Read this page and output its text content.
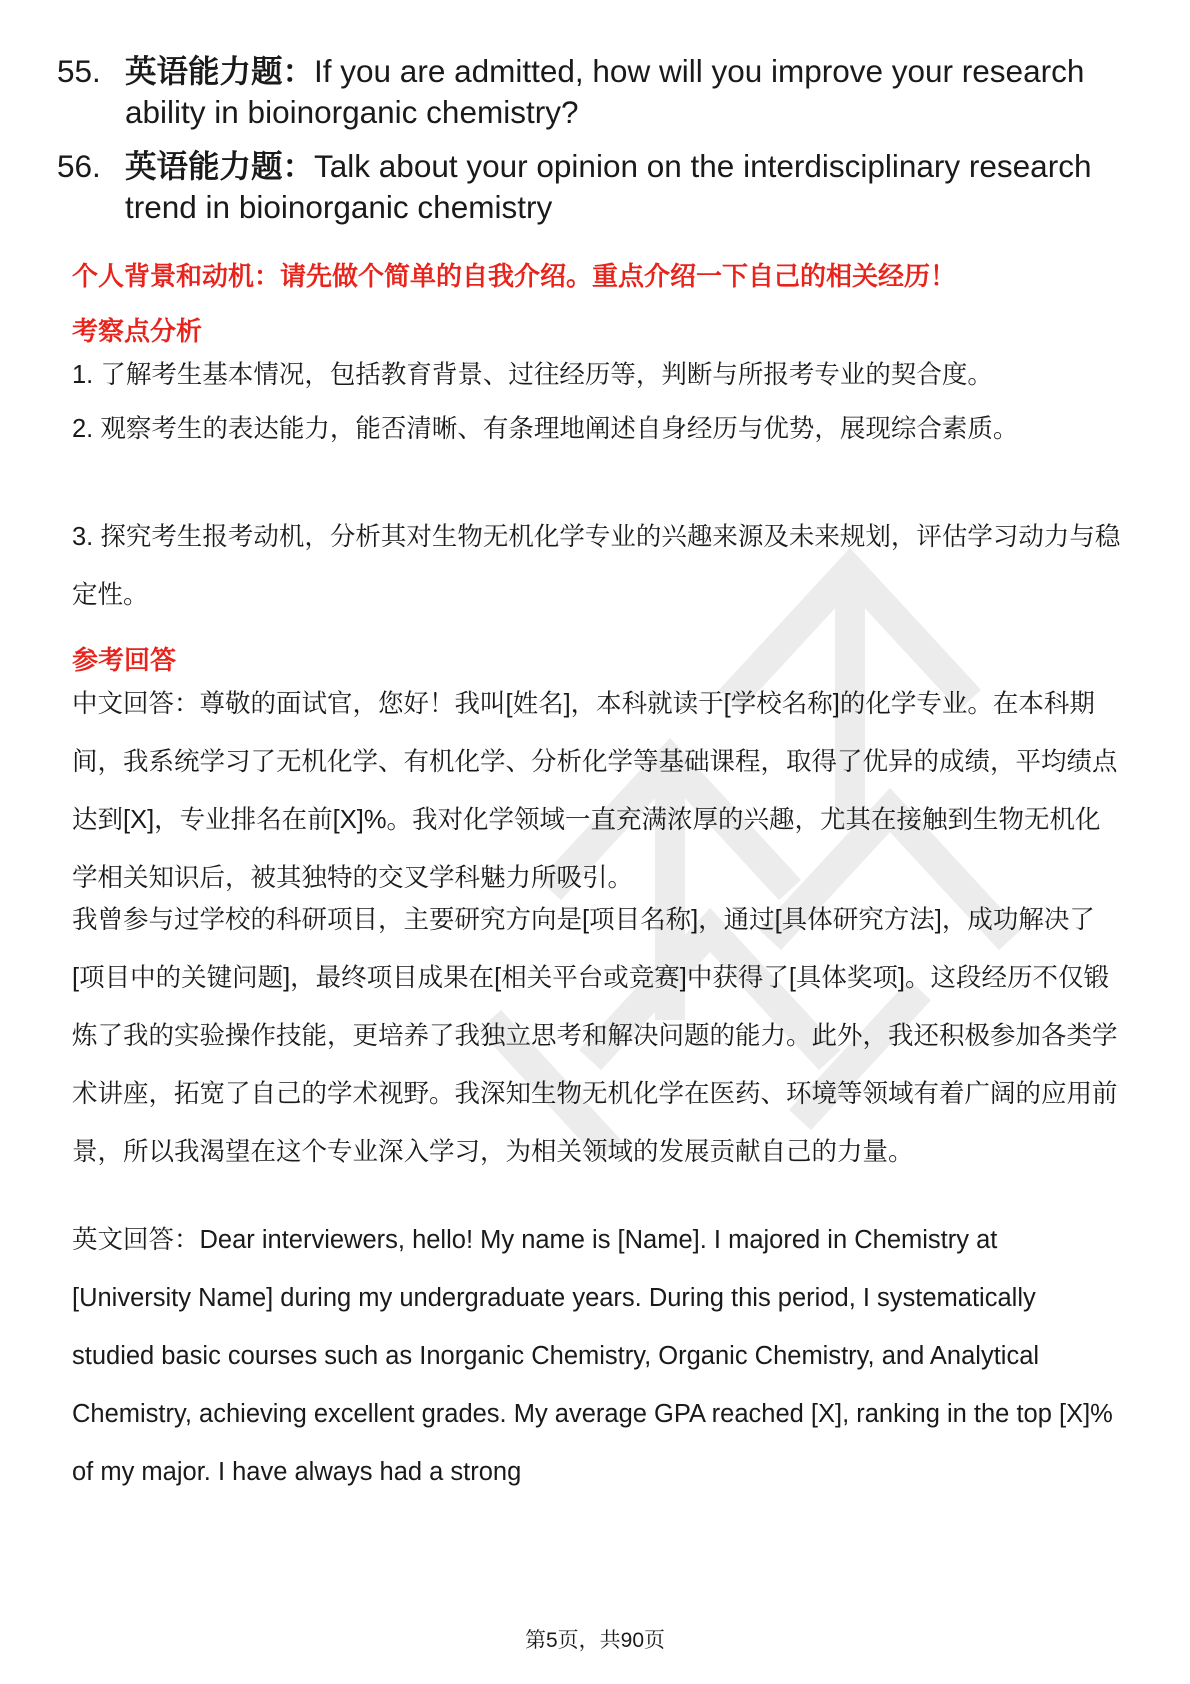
55. 英语能力题：If you are admitted, how will you improve your research ability in bioinorganic chemistry?
56. 英语能力题：Talk about your opinion on the interdisciplinary research trend in bioinorganic chemistry
个人背景和动机：请先做个简单的自我介绍。重点介绍一下自己的相关经历！
考察点分析
1. 了解考生基本情况，包括教育背景、过往经历等，判断与所报考专业的契合度。
2. 观察考生的表达能力，能否清晰、有条理地阐述自身经历与优势，展现综合素质。
3. 探究考生报考动机，分析其对生物无机化学专业的兴趣来源及未来规划，评估学习动力与稳定性。
参考回答
中文回答：尊敬的面试官，您好！我叫[姓名]，本科就读于[学校名称]的化学专业。在本科期间，我系统学习了无机化学、有机化学、分析化学等基础课程，取得了优异的成绩，平均绩点达到[X]，专业排名在前[X]%。我对化学领域一直充满浓厚的兴趣，尤其在接触到生物无机化学相关知识后，被其独特的交叉学科魅力所吸引。
我曾参与过学校的科研项目，主要研究方向是[项目名称]，通过[具体研究方法]，成功解决了[项目中的关键问题]，最终项目成果在[相关平台或竞赛]中获得了[具体奖项]。这段经历不仅锻炼了我的实验操作技能，更培养了我独立思考和解决问题的能力。此外，我还积极参加各类学术讲座，拓宽了自己的学术视野。我深知生物无机化学在医药、环境等领域有着广阔的应用前景，所以我渴望在这个专业深入学习，为相关领域的发展贡献自己的力量。
英文回答：Dear interviewers, hello! My name is [Name]. I majored in Chemistry at [University Name] during my undergraduate years. During this period, I systematically studied basic courses such as Inorganic Chemistry, Organic Chemistry, and Analytical Chemistry, achieving excellent grades. My average GPA reached [X], ranking in the top [X]% of my major. I have always had a strong
第5页，共90页
